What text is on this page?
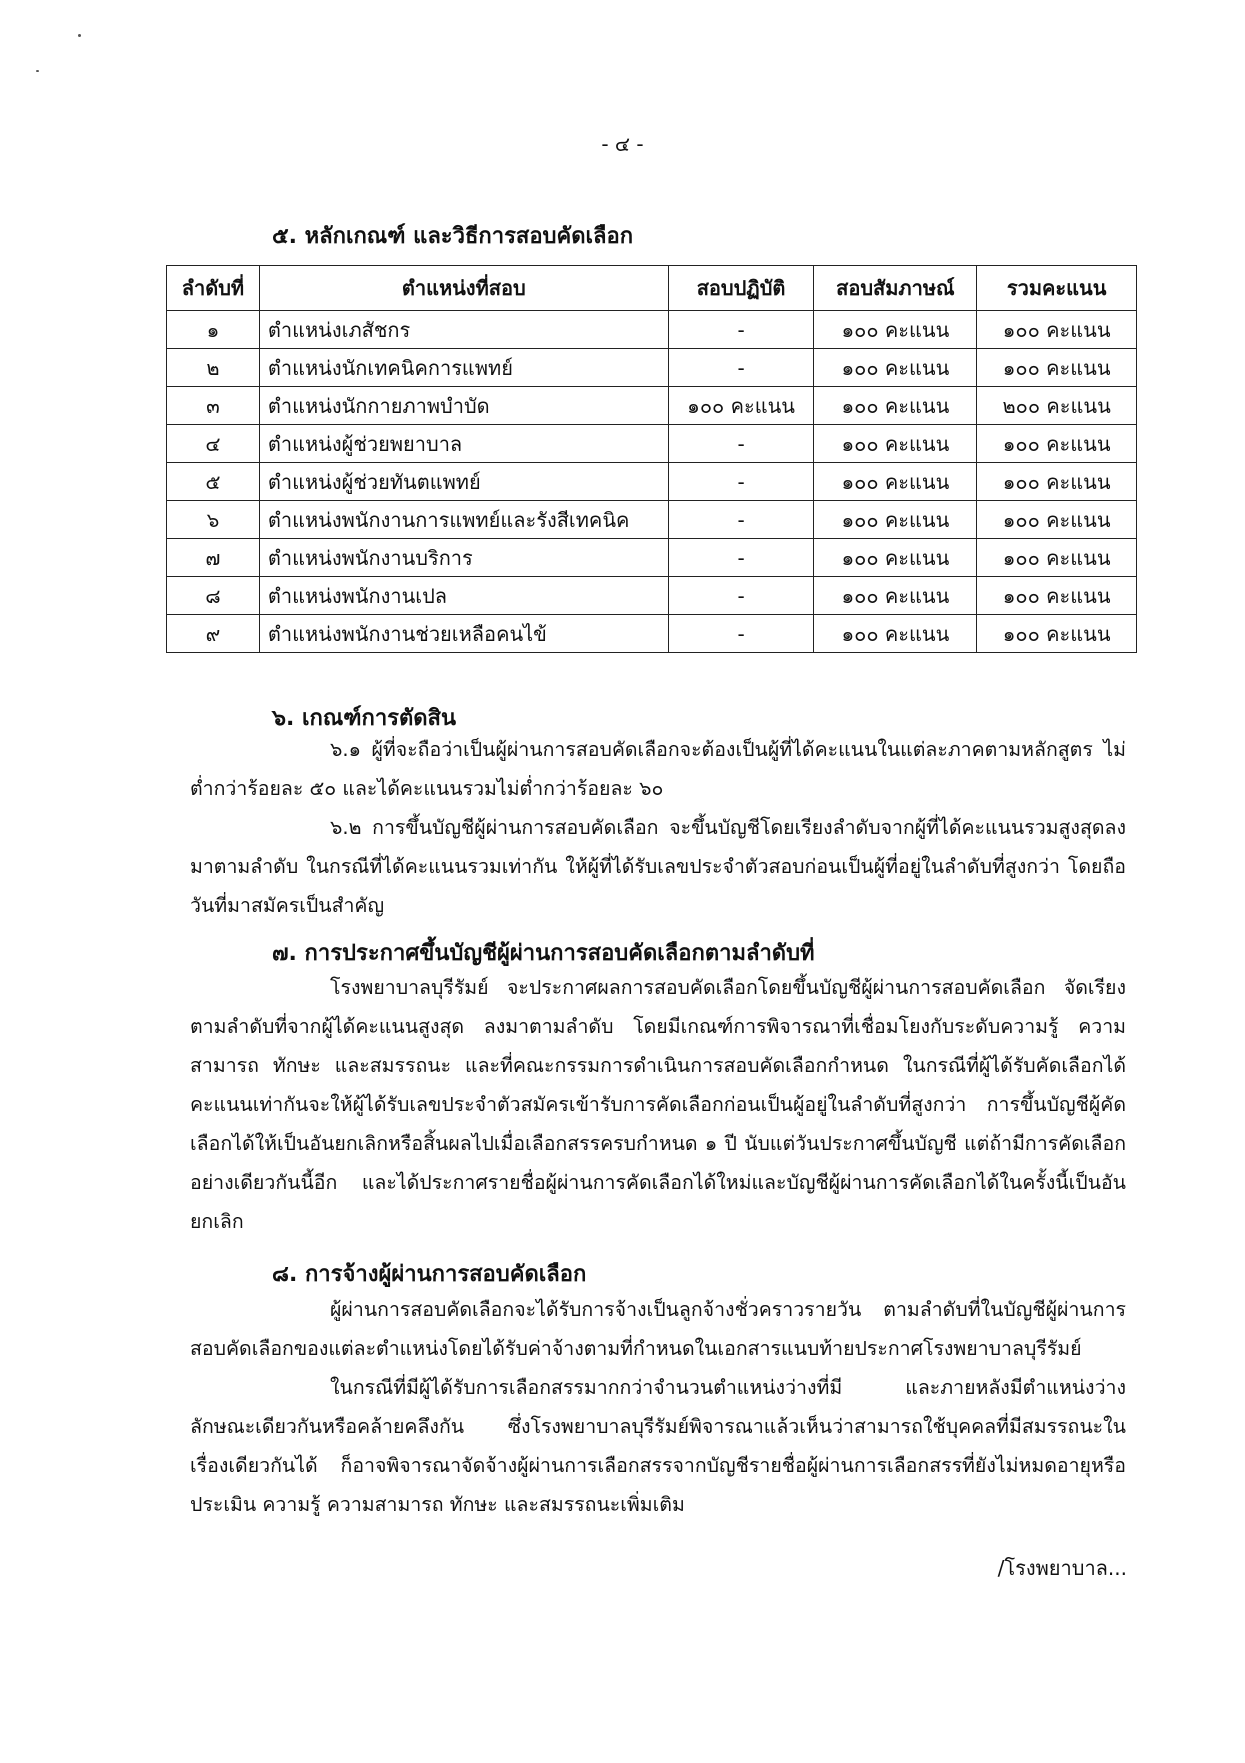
- ๔ -
๕. หลักเกณฑ์ และวิธีการสอบคัดเลือก
ลำดับที่	ตำแหน่งที่สอบ	สอบปฏิบัติ	สอบสัมภาษณ์	รวมคะแนน
๑	ตำแหน่งเภสัชกร	-	๑๐๐ คะแนน	๑๐๐ คะแนน
๒	ตำแหน่งนักเทคนิคการแพทย์	-	๑๐๐ คะแนน	๑๐๐ คะแนน
๓	ตำแหน่งนักกายภาพบำบัด	๑๐๐ คะแนน	๑๐๐ คะแนน	๒๐๐ คะแนน
๔	ตำแหน่งผู้ช่วยพยาบาล	-	๑๐๐ คะแนน	๑๐๐ คะแนน
๕	ตำแหน่งผู้ช่วยทันตแพทย์	-	๑๐๐ คะแนน	๑๐๐ คะแนน
๖	ตำแหน่งพนักงานการแพทย์และรังสีเทคนิค	-	๑๐๐ คะแนน	๑๐๐ คะแนน
๗	ตำแหน่งพนักงานบริการ	-	๑๐๐ คะแนน	๑๐๐ คะแนน
๘	ตำแหน่งพนักงานเปล	-	๑๐๐ คะแนน	๑๐๐ คะแนน
๙	ตำแหน่งพนักงานช่วยเหลือคนไข้	-	๑๐๐ คะแนน	๑๐๐ คะแนน
๖. เกณฑ์การตัดสิน
๖.๑ ผู้ที่จะถือว่าเป็นผู้ผ่านการสอบคัดเลือกจะต้องเป็นผู้ที่ได้คะแนนในแต่ละภาคตามหลักสูตร ไม่ต่ำกว่าร้อยละ ๕๐ และได้คะแนนรวมไม่ต่ำกว่าร้อยละ ๖๐
๖.๒ การขึ้นบัญชีผู้ผ่านการสอบคัดเลือก จะขึ้นบัญชีโดยเรียงลำดับจากผู้ที่ได้คะแนนรวมสูงสุดลงมาตามลำดับ ในกรณีที่ได้คะแนนรวมเท่ากัน ให้ผู้ที่ได้รับเลขประจำตัวสอบก่อนเป็นผู้ที่อยู่ในลำดับที่สูงกว่า โดยถือวันที่มาสมัครเป็นสำคัญ
๗. การประกาศขึ้นบัญชีผู้ผ่านการสอบคัดเลือกตามลำดับที่
โรงพยาบาลบุรีรัมย์ จะประกาศผลการสอบคัดเลือกโดยขึ้นบัญชีผู้ผ่านการสอบคัดเลือก จัดเรียงตามลำดับที่จากผู้ได้คะแนนสูงสุด ลงมาตามลำดับ โดยมีเกณฑ์การพิจารณาที่เชื่อมโยงกับระดับความรู้ ความสามารถ ทักษะ และสมรรถนะ และที่คณะกรรมการดำเนินการสอบคัดเลือกกำหนด ในกรณีที่ผู้ได้รับคัดเลือกได้คะแนนเท่ากันจะให้ผู้ได้รับเลขประจำตัวสมัครเข้ารับการคัดเลือกก่อนเป็นผู้อยู่ในลำดับที่สูงกว่า การขึ้นบัญชีผู้คัดเลือกได้ให้เป็นอันยกเลิกหรือสิ้นผลไปเมื่อเลือกสรรครบกำหนด ๑ ปี นับแต่วันประกาศขึ้นบัญชี แต่ถ้ามีการคัดเลือกอย่างเดียวกันนี้อีก และได้ประกาศรายชื่อผู้ผ่านการคัดเลือกได้ใหม่และบัญชีผู้ผ่านการคัดเลือกได้ในครั้งนี้เป็นอันยกเลิก
๘. การจ้างผู้ผ่านการสอบคัดเลือก
ผู้ผ่านการสอบคัดเลือกจะได้รับการจ้างเป็นลูกจ้างชั่วคราวรายวัน ตามลำดับที่ในบัญชีผู้ผ่านการสอบคัดเลือกของแต่ละตำแหน่งโดยได้รับค่าจ้างตามที่กำหนดในเอกสารแนบท้ายประกาศโรงพยาบาลบุรีรัมย์
ในกรณีที่มีผู้ได้รับการเลือกสรรมากกว่าจำนวนตำแหน่งว่างที่มี และภายหลังมีตำแหน่งว่างลักษณะเดียวกันหรือคล้ายคลึงกัน ซึ่งโรงพยาบาลบุรีรัมย์พิจารณาแล้วเห็นว่าสามารถใช้บุคคลที่มีสมรรถนะในเรื่องเดียวกันได้ ก็อาจพิจารณาจัดจ้างผู้ผ่านการเลือกสรรจากบัญชีรายชื่อผู้ผ่านการเลือกสรรที่ยังไม่หมดอายุหรือประเมิน ความรู้ ความสามารถ ทักษะ และสมรรถนะเพิ่มเติม
/โรงพยาบาล...
